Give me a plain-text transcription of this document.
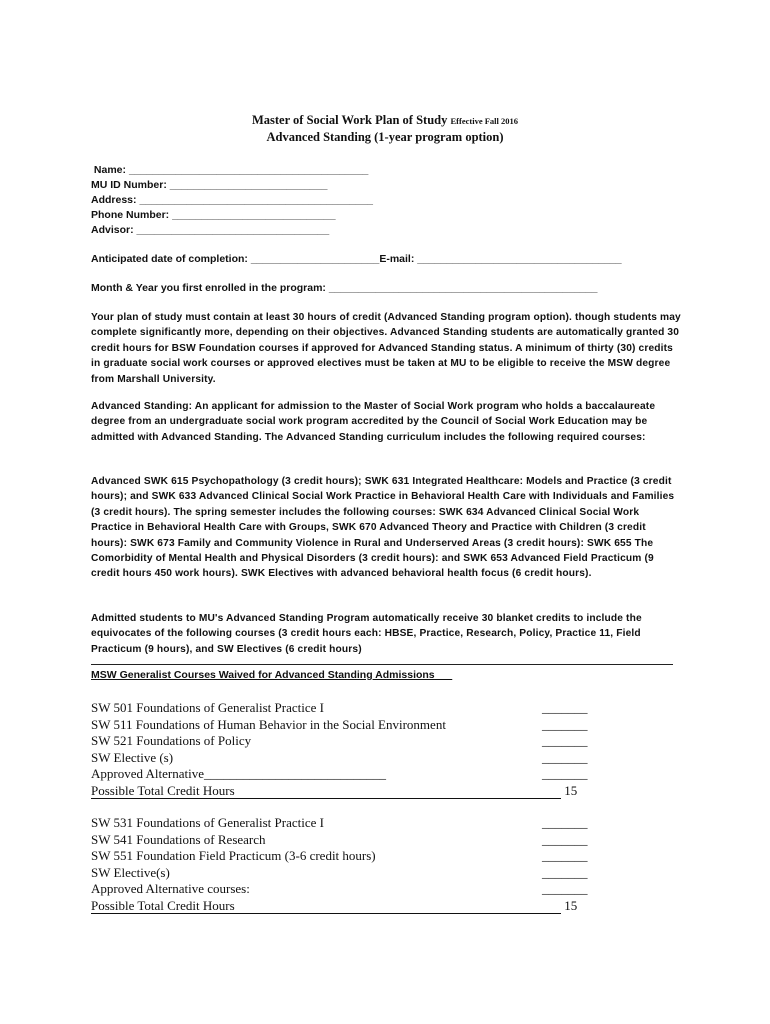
Master of Social Work Plan of Study Effective Fall 2016
Advanced Standing (1-year program option)
Name: _________________________________________
MU ID Number: ___________________________
Address: ________________________________________
Phone Number: ____________________________
Advisor: _________________________________
Anticipated date of completion: ______________________E-mail: ___________________________________
Month & Year you first enrolled in the program: ______________________________________________
Your plan of study must contain at least 30 hours of credit (Advanced Standing program option). though students may complete significantly more, depending on their objectives. Advanced Standing students are automatically granted 30 credit hours for BSW Foundation courses if approved for Advanced Standing status. A minimum of thirty (30) credits in graduate social work courses or approved electives must be taken at MU to be eligible to receive the MSW degree from Marshall University.
Advanced Standing: An applicant for admission to the Master of Social Work program who holds a baccalaureate degree from an undergraduate social work program accredited by the Council of Social Work Education may be admitted with Advanced Standing. The Advanced Standing curriculum includes the following required courses:
Advanced SWK 615 Psychopathology (3 credit hours); SWK 631 Integrated Healthcare: Models and Practice (3 credit hours); and SWK 633 Advanced Clinical Social Work Practice in Behavioral Health Care with Individuals and Families (3 credit hours). The spring semester includes the following courses: SWK 634 Advanced Clinical Social Work Practice in Behavioral Health Care with Groups, SWK 670 Advanced Theory and Practice with Children (3 credit hours): SWK 673 Family and Community Violence in Rural and Underserved Areas (3 credit hours): SWK 655 The Comorbidity of Mental Health and Physical Disorders (3 credit hours): and SWK 653 Advanced Field Practicum (9 credit hours 450 work hours). SWK Electives with advanced behavioral health focus (6 credit hours).
Admitted students to MU's Advanced Standing Program automatically receive 30 blanket credits to include the equivocates of the following courses (3 credit hours each: HBSE, Practice, Research, Policy, Practice 11, Field Practicum (9 hours), and SW Electives (6 credit hours)
MSW Generalist Courses Waived for Advanced Standing Admissions___
SW 501 Foundations of Generalist Practice I	_______
SW 511 Foundations of Human Behavior in the Social Environment	_______
SW 521 Foundations of Policy	_______
SW Elective (s)	_______
Approved Alternative____________________________	_______
Possible Total Credit Hours	15
SW 531 Foundations of Generalist Practice I	_______
SW 541 Foundations of Research	_______
SW 551 Foundation Field Practicum (3-6 credit hours)	_______
SW Elective(s)	_______
Approved Alternative courses:	_______
Possible Total Credit Hours	15
